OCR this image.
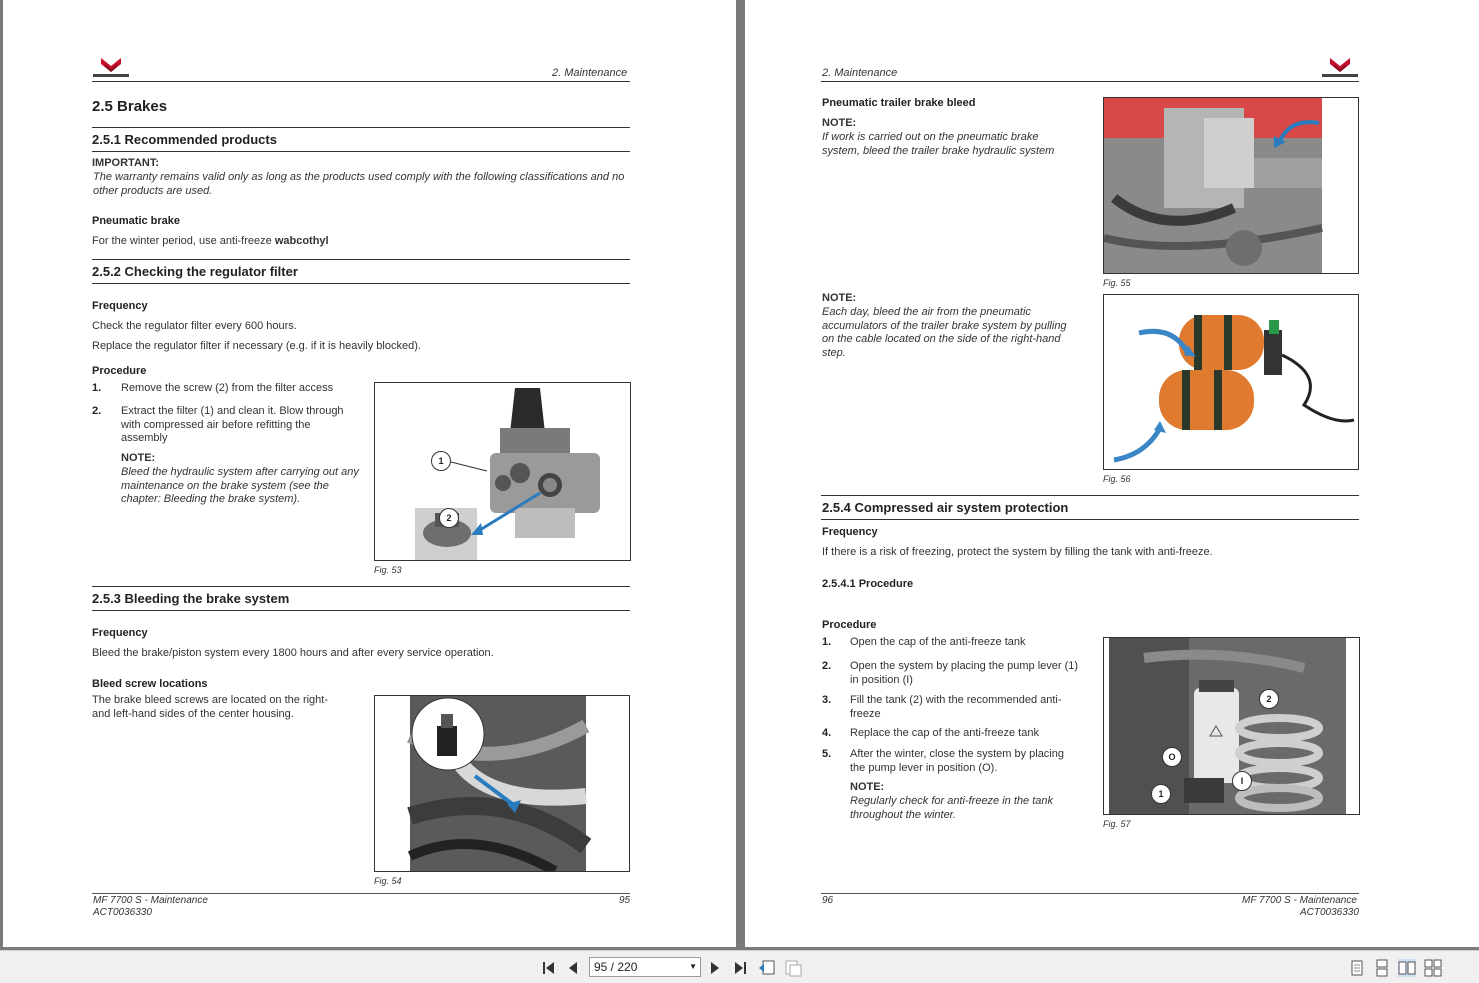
2. Maintenance
2.5 Brakes
2.5.1 Recommended products
IMPORTANT:
The warranty remains valid only as long as the products used comply with the following classifications and no other products are used.
Pneumatic brake
For the winter period, use anti-freeze wabcothyl
2.5.2 Checking the regulator filter
Frequency
Check the regulator filter every 600 hours.
Replace the regulator filter if necessary (e.g. if it is heavily blocked).
Procedure
1. Remove the screw (2) from the filter access
2. Extract the filter (1) and clean it. Blow through with compressed air before refitting the assembly
NOTE:
Bleed the hydraulic system after carrying out any maintenance on the brake system (see the chapter: Bleeding the brake system).
1
2
Fig. 53
2.5.3 Bleeding the brake system
Frequency
Bleed the brake/piston system every 1800 hours and after every service operation.
Bleed screw locations
The brake bleed screws are located on the right- and left-hand sides of the center housing.
Fig. 54
MF 7700 S - Maintenance
ACT0036330
95
2. Maintenance
Pneumatic trailer brake bleed
NOTE:
If work is carried out on the pneumatic brake system, bleed the trailer brake hydraulic system
Fig. 55
NOTE:
Each day, bleed the air from the pneumatic accumulators of the trailer brake system by pulling on the cable located on the side of the right-hand step.
Fig. 56
2.5.4 Compressed air system protection
Frequency
If there is a risk of freezing, protect the system by filling the tank with anti-freeze.
2.5.4.1 Procedure
Procedure
1. Open the cap of the anti-freeze tank
2. Open the system by placing the pump lever (1) in position (I)
3. Fill the tank (2) with the recommended anti-freeze
4. Replace the cap of the anti-freeze tank
5. After the winter, close the system by placing the pump lever in position (O).
NOTE:
Regularly check for anti-freeze in the tank throughout the winter.
2
O
I
1
Fig. 57
96	MF 7700 S - Maintenance
ACT0036330
95 / 220	▼
